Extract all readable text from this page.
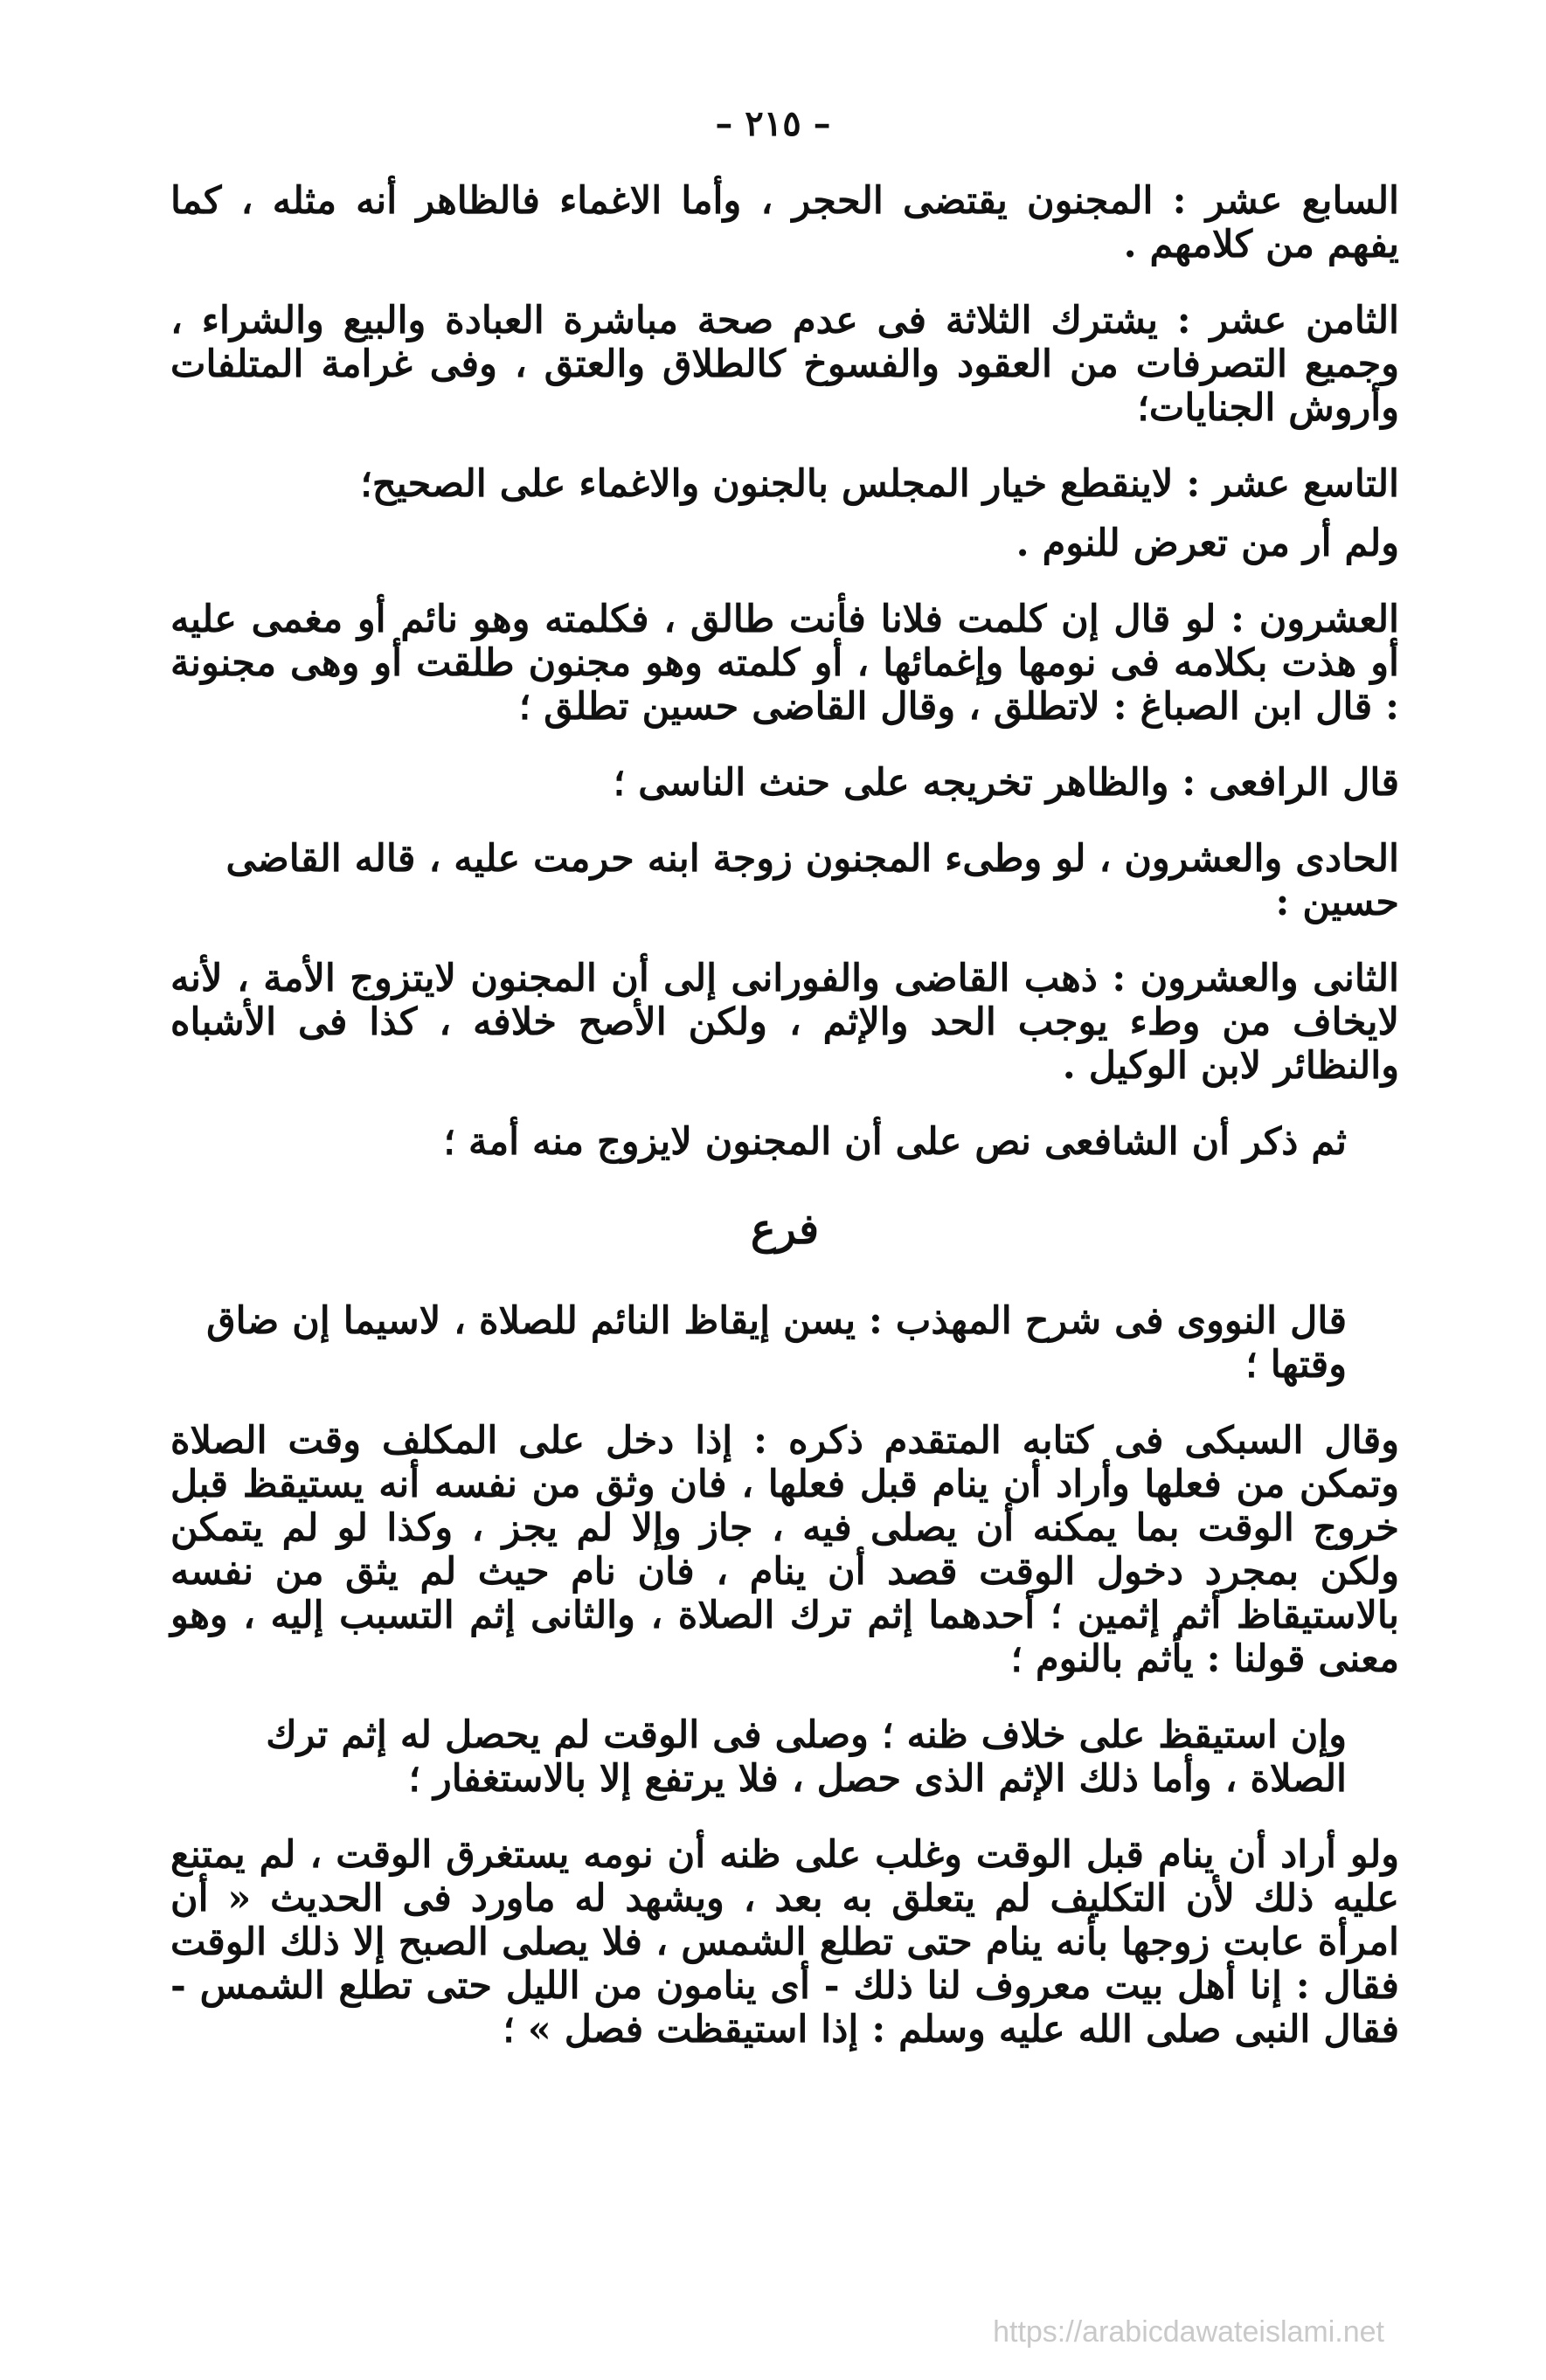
– ٢١٥ –

السابع عشر : المجنون يقتضى الحجر ، وأما الاغماء فالظاهر أنه مثله ، كما يفهم من كلامهم .

الثامن عشر : يشترك الثلاثة فى عدم صحة مباشرة العبادة والبيع والشراء ، وجميع التصرفات من العقود والفسوخ كالطلاق والعتق ، وفى غرامة المتلفات وأروش الجنايات؛

التاسع عشر : لاينقطع خيار المجلس بالجنون والاغماء على الصحيح؛

ولم أر من تعرض للنوم .

العشرون : لو قال إن كلمت فلانا فأنت طالق ، فكلمته وهو نائم أو مغمى عليه أو هذت بكلامه فى نومها وإغمائها ، أو كلمته وهو مجنون طلقت أو وهى مجنونة : قال ابن الصباغ : لاتطلق ، وقال القاضى حسين تطلق ؛

قال الرافعى : والظاهر تخريجه على حنث الناسى ؛

الحادى والعشرون ، لو وطىء المجنون زوجة ابنه حرمت عليه ، قاله القاضى حسين :

الثانى والعشرون : ذهب القاضى والفورانى إلى أن المجنون لايتزوج الأمة ، لأنه لايخاف من وطء يوجب الحد والإثم ، ولكن الأصح خلافه ، كذا فى الأشباه والنظائر لابن الوكيل .

ثم ذكر أن الشافعى نص على أن المجنون لايزوج منه أمة ؛

فرع

قال النووى فى شرح المهذب : يسن إيقاظ النائم للصلاة ، لاسيما إن ضاق وقتها ؛

وقال السبكى فى كتابه المتقدم ذكره : إذا دخل على المكلف وقت الصلاة وتمكن من فعلها وأراد أن ينام قبل فعلها ، فان وثق من نفسه أنه يستيقظ قبل خروج الوقت بما يمكنه أن يصلى فيه ، جاز وإلا لم يجز ، وكذا لو لم يتمكن ولكن بمجرد دخول الوقت قصد أن ينام ، فان نام حيث لم يثق من نفسه بالاستيقاظ أثم إثمين ؛ أحدهما إثم ترك الصلاة ، والثانى إثم التسبب إليه ، وهو معنى قولنا : يأثم بالنوم ؛

وإن استيقظ على خلاف ظنه ؛ وصلى فى الوقت لم يحصل له إثم ترك الصلاة ، وأما ذلك الإثم الذى حصل ، فلا يرتفع إلا بالاستغفار ؛

ولو أراد أن ينام قبل الوقت وغلب على ظنه أن نومه يستغرق الوقت ، لم يمتنع عليه ذلك لأن التكليف لم يتعلق به بعد ، ويشهد له ماورد فى الحديث « أن امرأة عابت زوجها بأنه ينام حتى تطلع الشمس ، فلا يصلى الصبح إلا ذلك الوقت فقال : إنا أهل بيت معروف لنا ذلك - أى ينامون من الليل حتى تطلع الشمس - فقال النبى صلى الله عليه وسلم : إذا استيقظت فصل » ؛

https://arabicdawateislami.net
